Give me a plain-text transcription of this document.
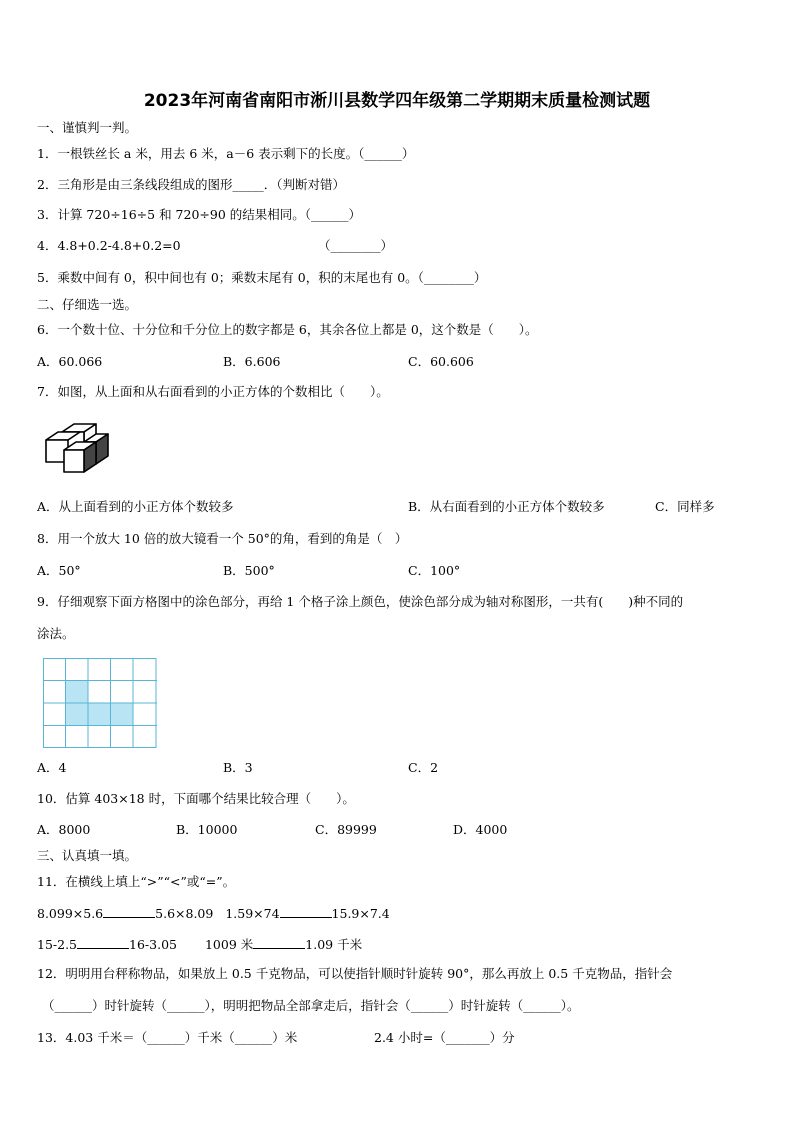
2023年河南省南阳市淅川县数学四年级第二学期期末质量检测试题
一、谨慎判一判。
1．一根铁丝长 a 米，用去 6 米，a－6 表示剩下的长度。（______）
2．三角形是由三条线段组成的图形_____．（判断对错）
3．计算 720÷16÷5 和 720÷90 的结果相同。（______）
4．4.8+0.2-4.8+0.2=0	（________）
5．乘数中间有 0，积中间也有 0；乘数末尾有 0，积的末尾也有 0。（________）
二、仔细选一选。
6．一个数十位、十分位和千分位上的数字都是 6，其余各位上都是 0，这个数是（　　）。
A．60.066	B．6.606	C．60.606
7．如图，从上面和从右面看到的小正方体的个数相比（　　）。
A．从上面看到的小正方体个数较多	B．从右面看到的小正方体个数较多	C．同样多
8．用一个放大 10 倍的放大镜看一个 50°的角，看到的角是（　）
A．50°	B．500°	C．100°
9．仔细观察下面方格图中的涂色部分，再给 1 个格子涂上颜色，使涂色部分成为轴对称图形，一共有(　　)种不同的
涂法。
A．4	B．3	C．2
10．估算 403×18 时，下面哪个结果比较合理（　　）。
A．8000	B．10000	C．89999	D．4000
三、认真填一填。
11．在横线上填上“>”“<”或“=”。
8.099×5.6	5.6×8.09 1.59×74	15.9×7.4
15-2.5	16-3.05 1009 米	1.09 千米
12．明明用台秤称物品，如果放上 0.5 千克物品，可以使指针顺时针旋转 90°，那么再放上 0.5 千克物品，指针会
（______）时针旋转（______），明明把物品全部拿走后，指针会（______）时针旋转（______）。
13．4.03 千米＝（______）千米（______）米	2.4 小时=（_______）分
